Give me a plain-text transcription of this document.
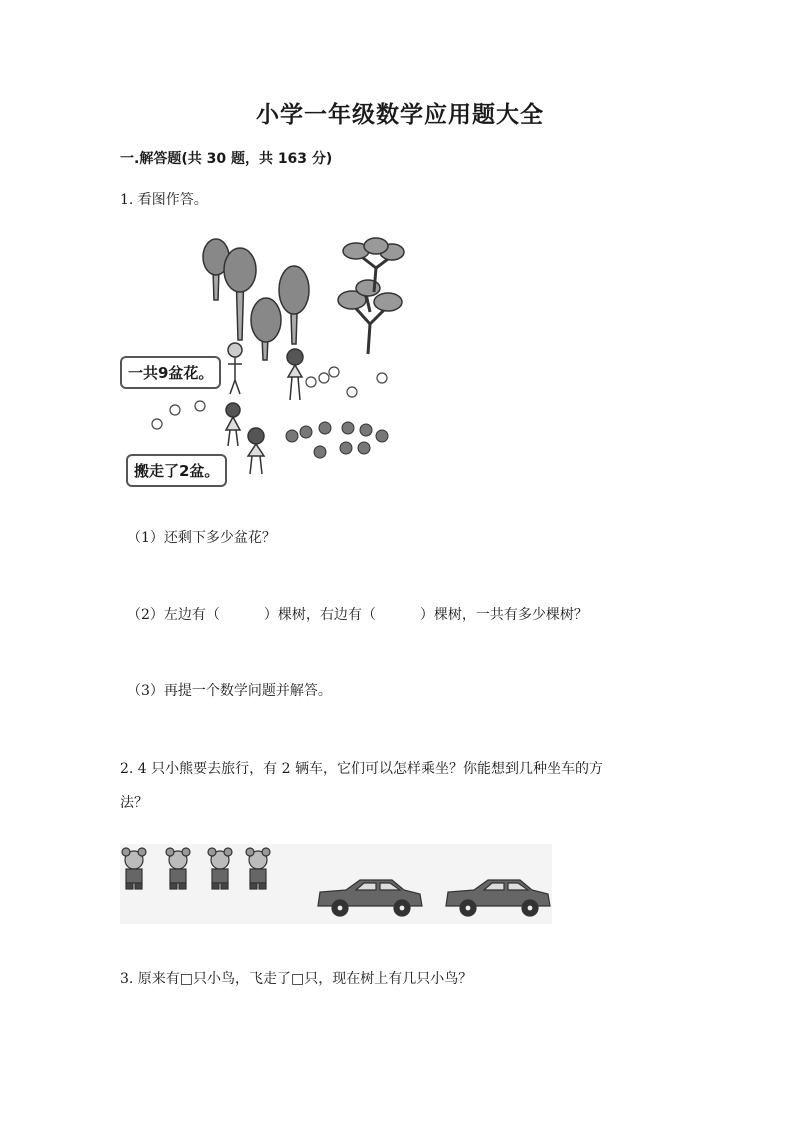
小学一年级数学应用题大全
一.解答题(共 30 题，共 163 分)
1. 看图作答。
一共9盆花。
搬走了2盆。
（1）还剩下多少盆花？
（2）左边有（	）棵树，右边有（	）棵树，一共有多少棵树？
（3）再提一个数学问题并解答。
2. 4 只小熊要去旅行，有 2 辆车，它们可以怎样乘坐？你能想到几种坐车的方
法？
3. 原来有□只小鸟，飞走了□只，现在树上有几只小鸟？
